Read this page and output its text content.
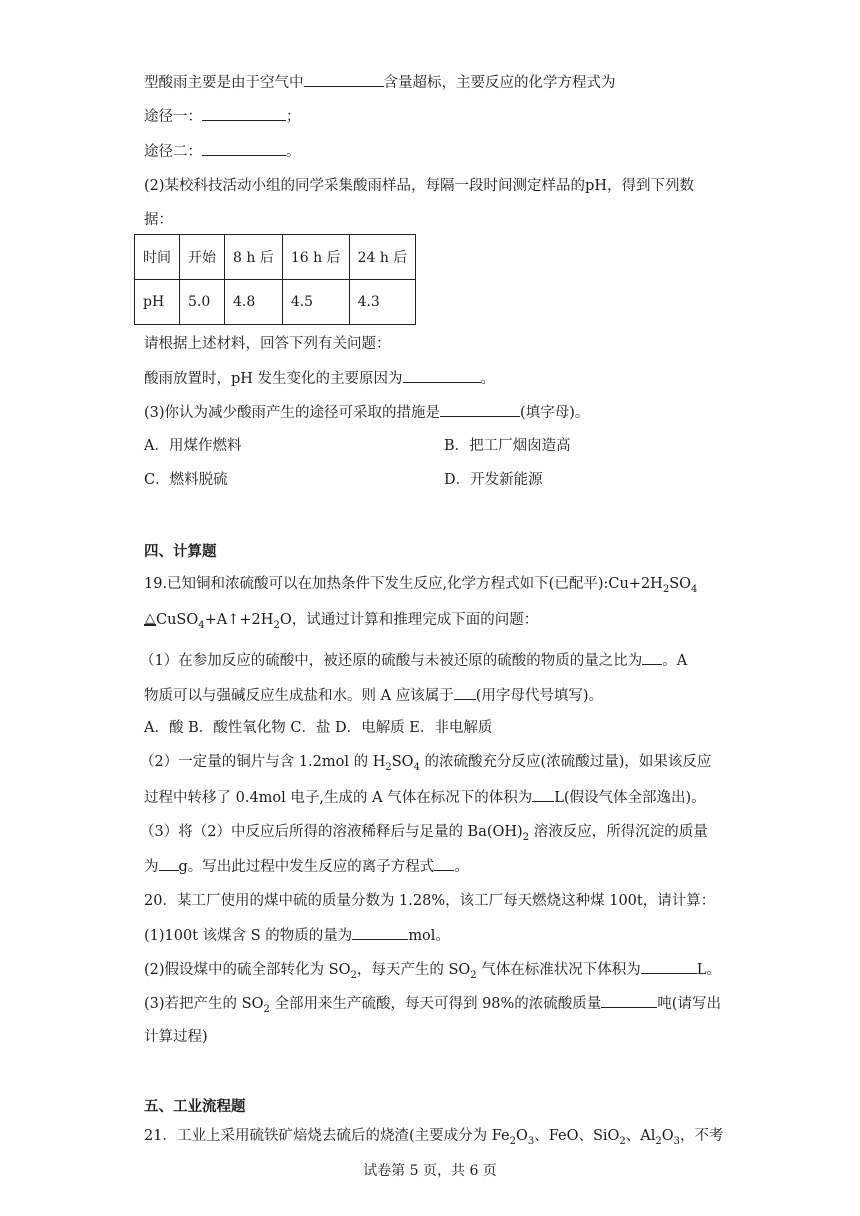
型酸雨主要是由于空气中	含量超标，主要反应的化学方程式为
途径一：	；
途径二：	。
(2)某校科技活动小组的同学采集酸雨样品，每隔一段时间测定样品的pH，得到下列数
据：
时间	开始	8 h 后	16 h 后	24 h 后
pH	5.0	4.8	4.5	4.3
请根据上述材料，回答下列有关问题：
酸雨放置时，pH 发生变化的主要原因为	。
(3)你认为减少酸雨产生的途径可采取的措施是	(填字母)。
A．用煤作燃料	B．把工厂烟囱造高
C．燃料脱硫	D．开发新能源
四、计算题
19.已知铜和浓硫酸可以在加热条件下发生反应,化学方程式如下(已配平)$:Cu+2H_2SO_4$
$\triangle CuSO_4+A↑+2H_2O$，试通过计算和推理完成下面的问题：
（1）在参加反应的硫酸中，被还原的硫酸与未被还原的硫酸的物质的量之比为 。A
物质可以与强碱反应生成盐和水。则 A 应该属于 (用字母代号填写)。
A．酸 B．酸性氧化物 C．盐 D．电解质 E．非电解质
（2）一定量的铜片与含 1.2mol 的 $H_2SO_4$ 的浓硫酸充分反应(浓硫酸过量)，如果该反应
过程中转移了 0.4mol 电子,生成的 A 气体在标况下的体积为 L(假设气体全部逸出)。
（3）将（2）中反应后所得的溶液稀释后与足量的 $Ba(OH)_2$ 溶液反应，所得沉淀的质量
为 g。写出此过程中发生反应的离子方程式 。
20．某工厂使用的煤中硫的质量分数为 1.28%，该工厂每天燃烧这种煤 100t，请计算：
(1)100t 该煤含 S 的物质的量为	mol。
(2)假设煤中的硫全部转化为 $SO_2$，每天产生的 $SO_2$ 气体在标准状况下体积为	L。
(3)若把产生的 $SO_2$ 全部用来生产硫酸，每天可得到 98%的浓硫酸质量	吨(请写出
计算过程)
五、工业流程题
21．工业上采用硫铁矿焙烧去硫后的烧渣(主要成分为 $Fe_2O_3$、FeO、SiO$_2$、$Al_2O_3$，不考
试卷第 5 页，共 6 页
